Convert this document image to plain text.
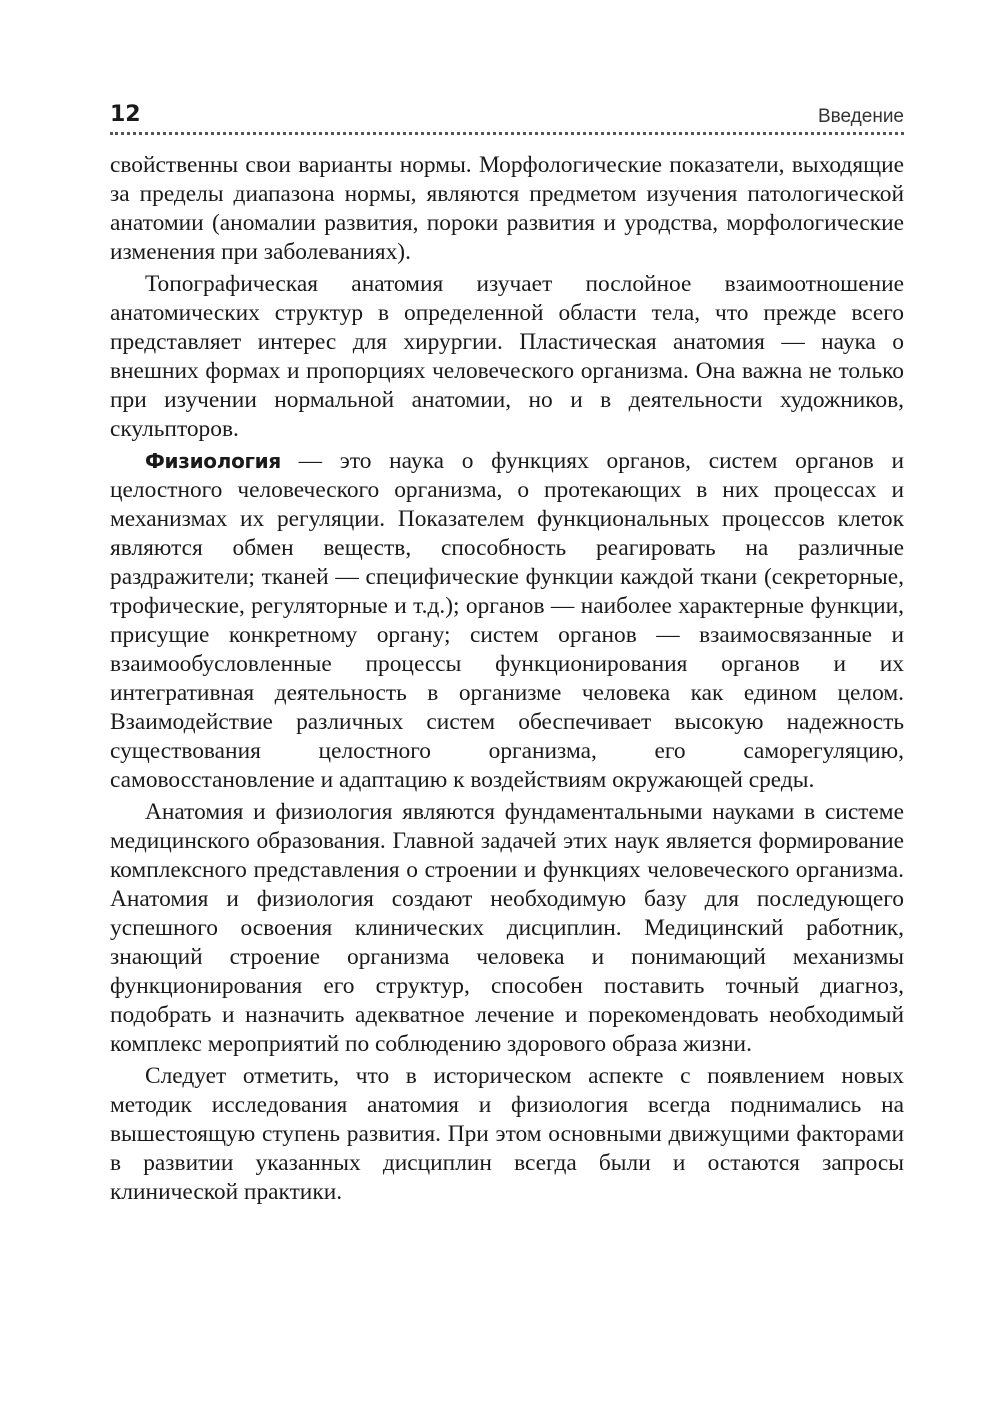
12	Введение

свойственны свои варианты нормы. Морфологические показатели, выходящие за пределы диапазона нормы, являются предметом изучения патологической анатомии (аномалии развития, пороки развития и уродства, морфологические изменения при заболеваниях).

Топографическая анатомия изучает послойное взаимоотношение анатомических структур в определенной области тела, что прежде всего представляет интерес для хирургии. Пластическая анатомия — наука о внешних формах и пропорциях человеческого организма. Она важна не только при изучении нормальной анатомии, но и в деятельности художников, скульпторов.

Физиология — это наука о функциях органов, систем органов и целостного человеческого организма, о протекающих в них процессах и механизмах их регуляции. Показателем функциональных процессов клеток являются обмен веществ, способность реагировать на различные раздражители; тканей — специфические функции каждой ткани (секреторные, трофические, регуляторные и т.д.); органов — наиболее характерные функции, присущие конкретному органу; систем органов — взаимосвязанные и взаимообусловленные процессы функционирования органов и их интегративная деятельность в организме человека как едином целом. Взаимодействие различных систем обеспечивает высокую надежность существования целостного организма, его саморегуляцию, самовосстановление и адаптацию к воздействиям окружающей среды.

Анатомия и физиология являются фундаментальными науками в системе медицинского образования. Главной задачей этих наук является формирование комплексного представления о строении и функциях человеческого организма. Анатомия и физиология создают необходимую базу для последующего успешного освоения клинических дисциплин. Медицинский работник, знающий строение организма человека и понимающий механизмы функционирования его структур, способен поставить точный диагноз, подобрать и назначить адекватное лечение и порекомендовать необходимый комплекс мероприятий по соблюдению здорового образа жизни.

Следует отметить, что в историческом аспекте с появлением новых методик исследования анатомия и физиология всегда поднимались на вышестоящую ступень развития. При этом основными движущими факторами в развитии указанных дисциплин всегда были и остаются запросы клинической практики.
